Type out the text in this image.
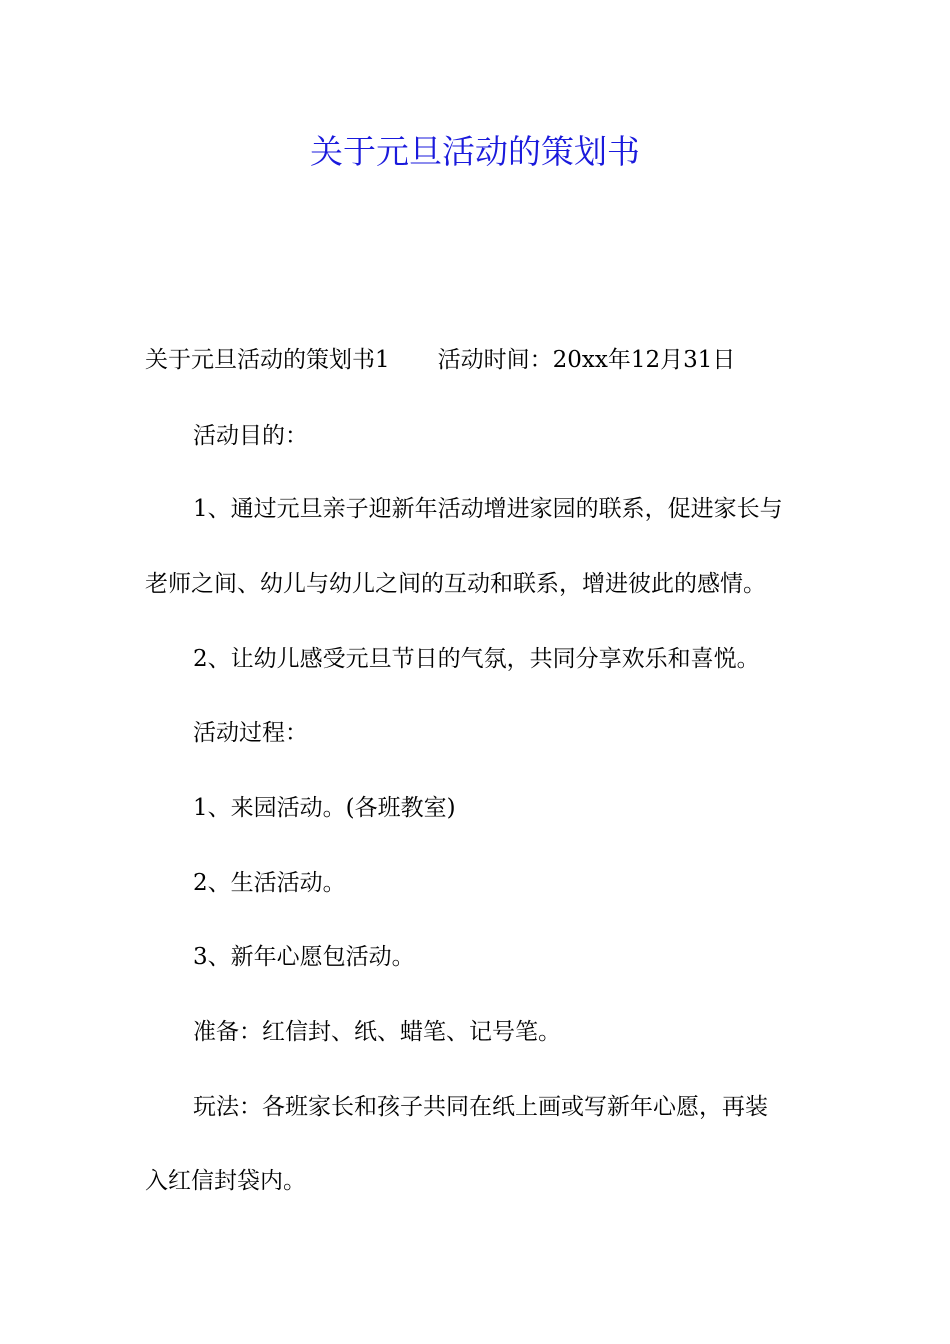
关于元旦活动的策划书

关于元旦活动的策划书1 活动时间：20xx年12月31日

活动目的：

1、通过元旦亲子迎新年活动增进家园的联系，促进家长与

老师之间、幼儿与幼儿之间的互动和联系，增进彼此的感情。

2、让幼儿感受元旦节日的气氛，共同分享欢乐和喜悦。

活动过程：

1、来园活动。(各班教室)

2、生活活动。

3、新年心愿包活动。

准备：红信封、纸、蜡笔、记号笔。

玩法：各班家长和孩子共同在纸上画或写新年心愿，再装

入红信封袋内。
